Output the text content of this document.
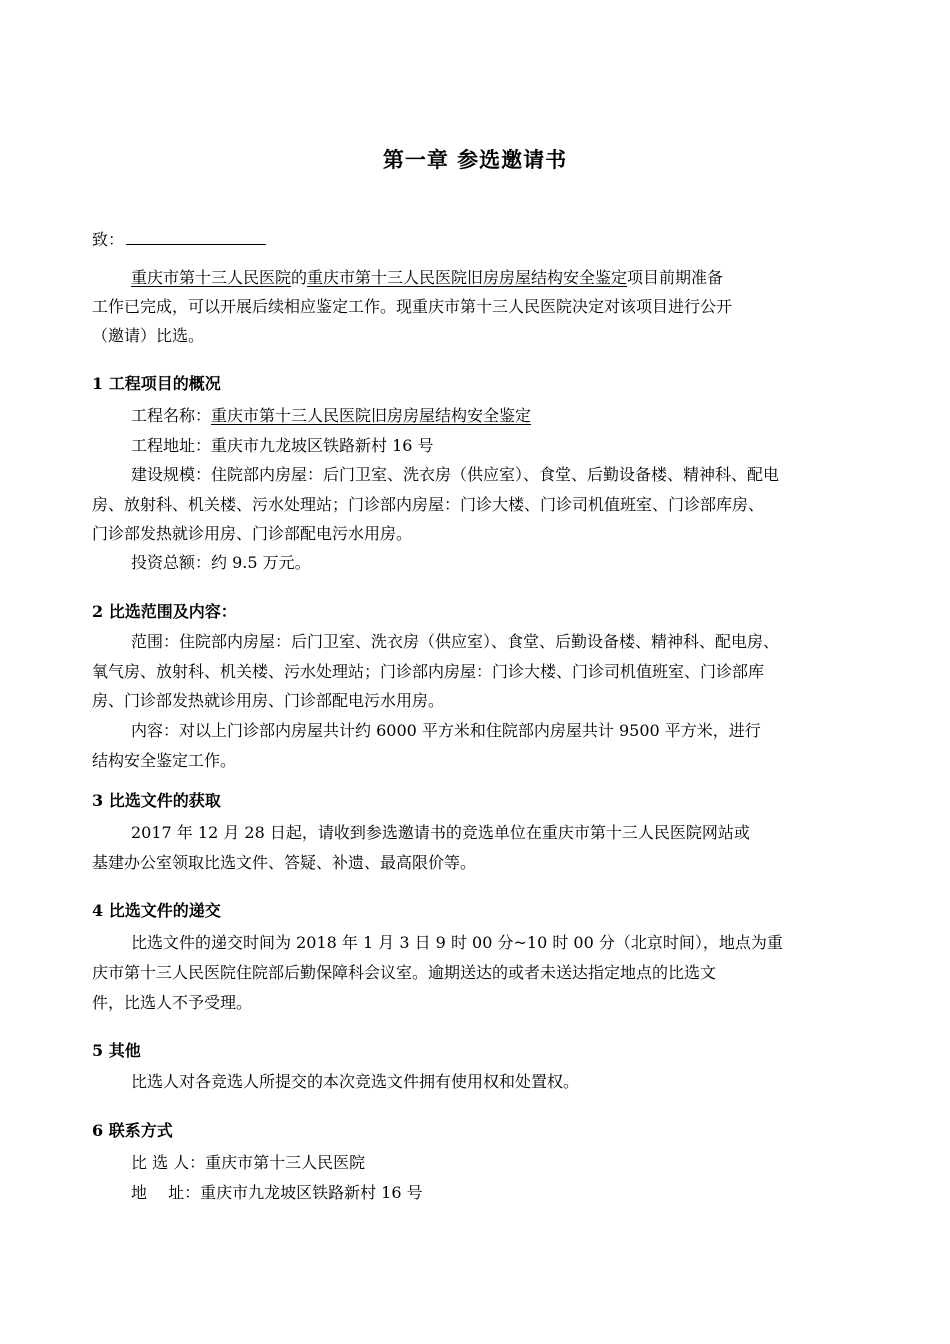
第一章 参选邀请书
致：
重庆市第十三人民医院的重庆市第十三人民医院旧房房屋结构安全鉴定项目前期准备
工作已完成，可以开展后续相应鉴定工作。现重庆市第十三人民医院决定对该项目进行公开
（邀请）比选。
1 工程项目的概况
工程名称：重庆市第十三人民医院旧房房屋结构安全鉴定
工程地址：重庆市九龙坡区铁路新村 16 号
建设规模：住院部内房屋：后门卫室、洗衣房（供应室）、食堂、后勤设备楼、精神科、配电
房、放射科、机关楼、污水处理站；门诊部内房屋：门诊大楼、门诊司机值班室、门诊部库房、
门诊部发热就诊用房、门诊部配电污水用房。
投资总额：约 9.5 万元。
2 比选范围及内容：
范围：住院部内房屋：后门卫室、洗衣房（供应室）、食堂、后勤设备楼、精神科、配电房、
氧气房、放射科、机关楼、污水处理站；门诊部内房屋：门诊大楼、门诊司机值班室、门诊部库
房、门诊部发热就诊用房、门诊部配电污水用房。
内容：对以上门诊部内房屋共计约 6000 平方米和住院部内房屋共计 9500 平方米，进行
结构安全鉴定工作。
3 比选文件的获取
2017 年 12 月 28 日起，请收到参选邀请书的竞选单位在重庆市第十三人民医院网站或
基建办公室领取比选文件、答疑、补遗、最高限价等。
4 比选文件的递交
比选文件的递交时间为 2018 年 1 月 3 日 9 时 00 分~10 时 00 分（北京时间），地点为重
庆市第十三人民医院住院部后勤保障科会议室。逾期送达的或者未送达指定地点的比选文
件，比选人不予受理。
5 其他
比选人对各竞选人所提交的本次竞选文件拥有使用权和处置权。
6 联系方式
比 选 人：重庆市第十三人民医院
地　 址：重庆市九龙坡区铁路新村 16 号
